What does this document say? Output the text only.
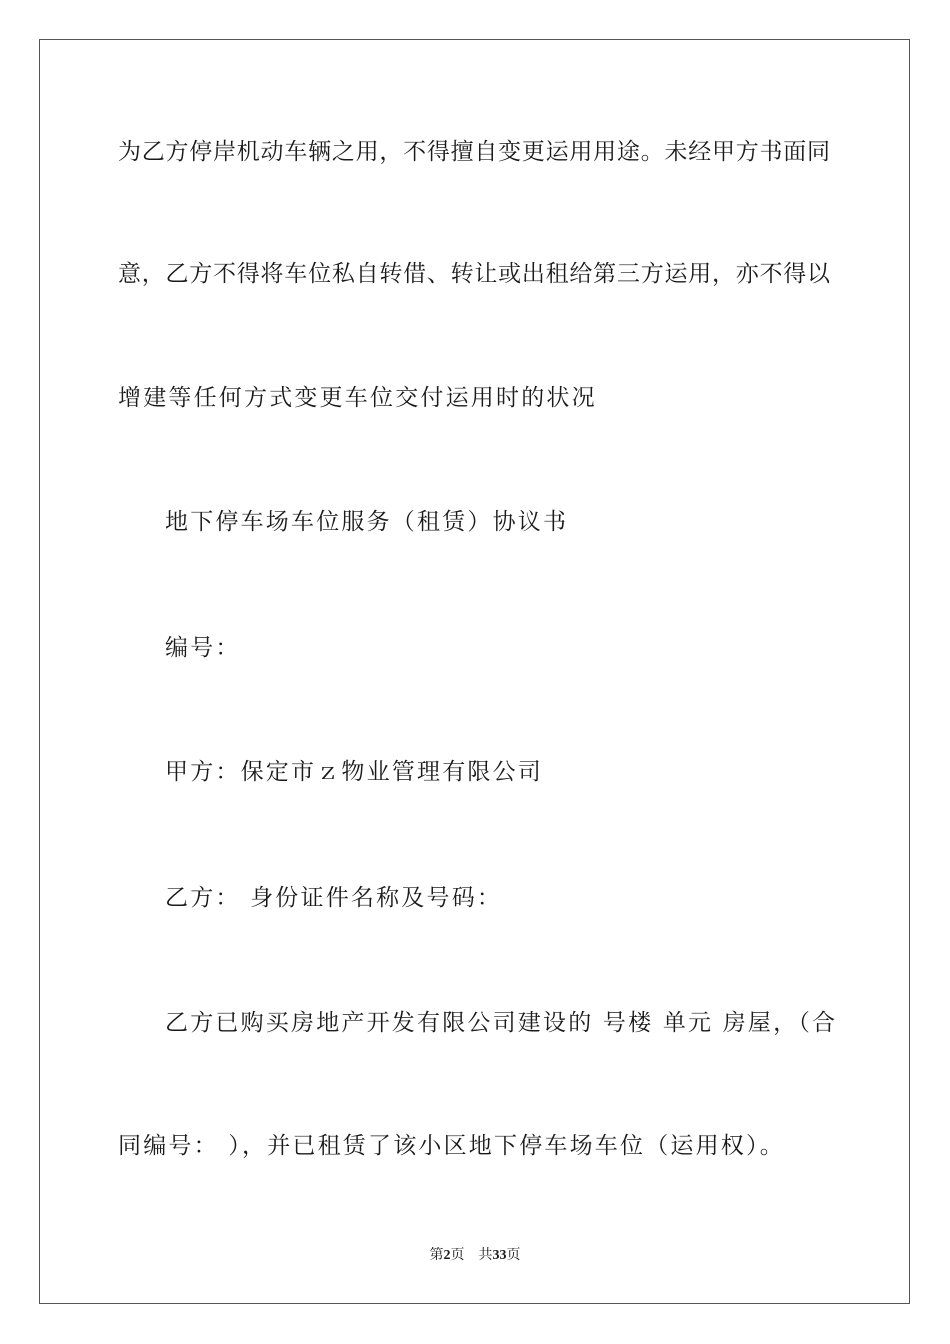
为乙方停岸机动车辆之用，不得擅自变更运用用途。未经甲方书面同
意，乙方不得将车位私自转借、转让或出租给第三方运用，亦不得以
增建等任何方式变更车位交付运用时的状况
地下停车场车位服务（租赁）协议书
编号：
甲方：保定市ｚ物业管理有限公司
乙方： 身份证件名称及号码：
乙方已购买房地产开发有限公司建设的 号楼 单元 房屋，（合
同编号： ），并已租赁了该小区地下停车场车位（运用权）。
第2页 共33页
